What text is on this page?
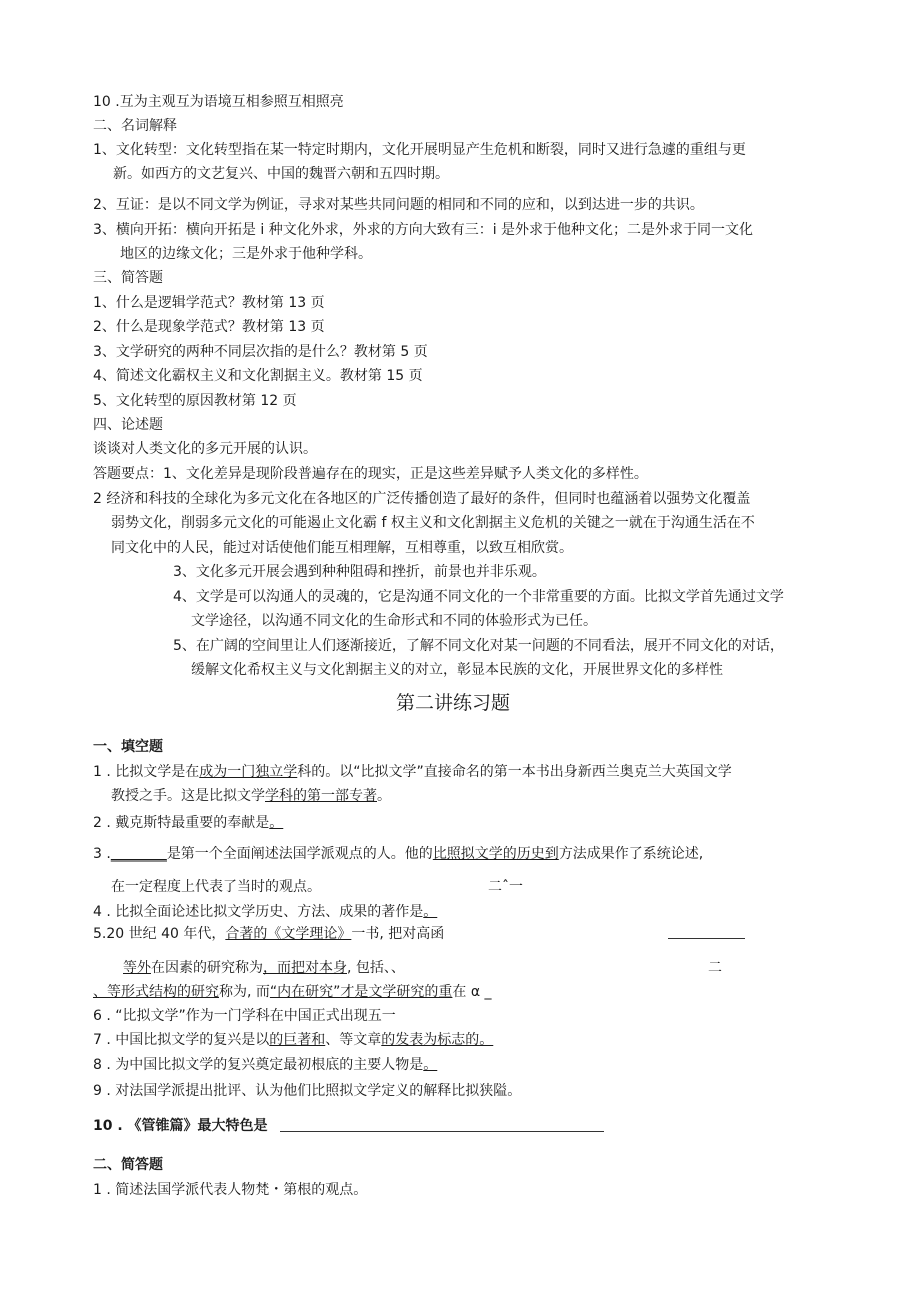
10 .互为主观互为语境互相参照互相照亮
二、名词解释
1、文化转型：文化转型指在某一特定时期内，文化开展明显产生危机和断裂，同时又进行急遽的重组与更
新。如西方的文艺复兴、中国的魏晋六朝和五四时期。
2、互证：是以不同文学为例证，寻求对某些共同问题的相同和不同的应和，以到达进一步的共识。
3、横向开拓：横向开拓是 i 种文化外求，外求的方向大致有三：i 是外求于他种文化；二是外求于同一文化
地区的边缘文化；三是外求于他种学科。
三、简答题
1、什么是逻辑学范式？教材第 13 页
2、什么是现象学范式？教材第 13 页
3、文学研究的两种不同层次指的是什么？教材第 5 页
4、简述文化霸权主义和文化割据主义。教材第 15 页
5、文化转型的原因教材第 12 页
四、论述题
谈谈对人类文化的多元开展的认识。
答题要点：1、文化差异是现阶段普遍存在的现实，正是这些差异赋予人类文化的多样性。
2 经济和科技的全球化为多元文化在各地区的广泛传播创造了最好的条件，但同时也蕴涵着以强势文化覆盖
弱势文化，削弱多元文化的可能遏止文化霸 f 权主义和文化割据主义危机的关键之一就在于沟通生活在不
同文化中的人民，能过对话使他们能互相理解，互相尊重，以致互相欣赏。
3、文化多元开展会遇到种种阻碍和挫折，前景也并非乐观。
4、文学是可以沟通人的灵魂的，它是沟通不同文化的一个非常重要的方面。比拟文学首先通过文学
文学途径，以沟通不同文化的生命形式和不同的体验形式为已任。
5、在广阔的空间里让人们逐渐接近，了解不同文化对某一问题的不同看法，展开不同文化的对话，
缓解文化希权主义与文化割据主义的对立，彰显本民族的文化，开展世界文化的多样性
第二讲练习题
一、填空题
1 . 比拟文学是在成为一门独立学科的。以“比拟文学”直接命名的第一本书出身新西兰奥克兰大英国文学
教授之手。这是比拟文学学科的第一部专著。
2 . 戴克斯特最重要的奉献是。
3 .________是第一个全面阐述法国学派观点的人。他的比照拟文学的历史到方法成果作了系统论述,
在一定程度上代表了当时的观点。	二ˆ一
4 . 比拟全面论述比拟文学历史、方法、成果的著作是。
5.20 世纪 40 年代，合著的《文学理论》一书, 把对高函
等外在因素的研究称为，而把对本身, 包括、、	二
、等形式结构的研究称为, 而“内在研究”才是文学研究的重在 α _
6 . “比拟文学”作为一门学科在中国正式出现五一
7 . 中国比拟文学的复兴是以的巨著和、等文章的发表为标志的。
8 . 为中国比拟文学的复兴奠定最初根底的主要人物是。
9 . 对法国学派提出批评、认为他们比照拟文学定义的解释比拟狭隘。
10 . 《管锥篇》最大特色是
二、简答题
1 . 简述法国学派代表人物梵・第根的观点。
